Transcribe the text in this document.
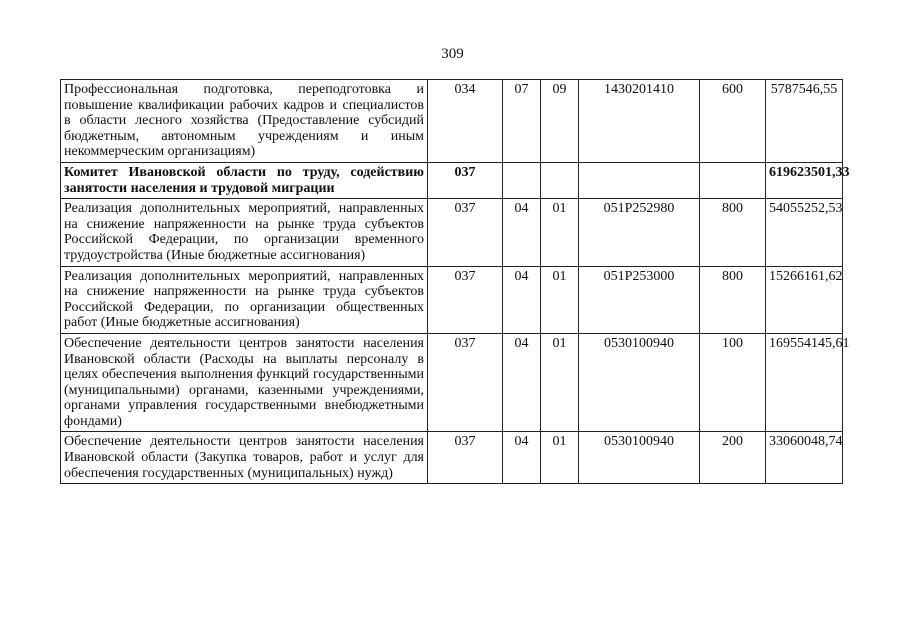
309
Профессиональная подготовка, переподготовка и повышение квалификации рабочих кадров и специалистов в области лесного хозяйства (Предоставление субсидий бюджетным, автономным учреждениям и иным некоммерческим организациям)	034	07	09	1430201410	600	5787546,55
Комитет Ивановской области по труду, содействию занятости населения и трудовой миграции	037					619623501,33
Реализация дополнительных мероприятий, направленных на снижение напряженности на рынке труда субъектов Российской Федерации, по организации временного трудоустройства (Иные бюджетные ассигнования)	037	04	01	051P252980	800	54055252,53
Реализация дополнительных мероприятий, направленных на снижение напряженности на рынке труда субъектов Российской Федерации, по организации общественных работ (Иные бюджетные ассигнования)	037	04	01	051P253000	800	15266161,62
Обеспечение деятельности центров занятости населения Ивановской области (Расходы на выплаты персоналу в целях обеспечения выполнения функций государственными (муниципальными) органами, казенными учреждениями, органами управления государственными внебюджетными фондами)	037	04	01	0530100940	100	169554145,61
Обеспечение деятельности центров занятости населения Ивановской области (Закупка товаров, работ и услуг для обеспечения государственных (муниципальных) нужд)	037	04	01	0530100940	200	33060048,74
